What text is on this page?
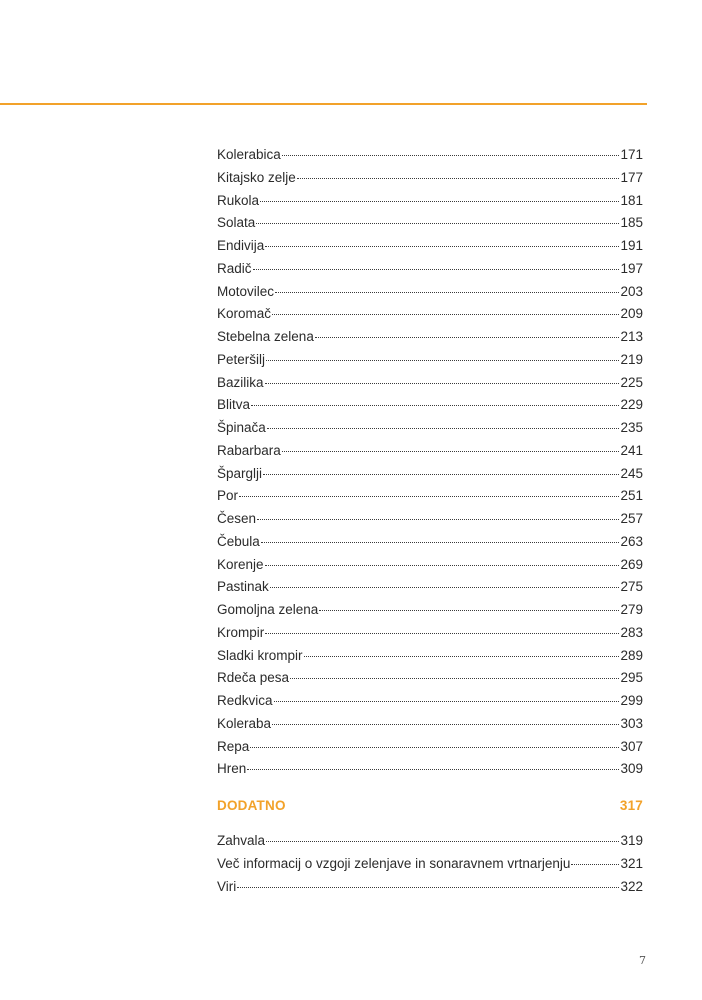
Kolerabica	171
Kitajsko zelje	177
Rukola	181
Solata	185
Endivija	191
Radič	197
Motovilec	203
Koromač	209
Stebelna zelena	213
Peteršilj	219
Bazilika	225
Blitva	229
Špinača	235
Rabarbara	241
Špargljі	245
Por	251
Česen	257
Čebula	263
Korenje	269
Pastinak	275
Gomoljna zelena	279
Krompir	283
Sladki krompir	289
Rdeča pesa	295
Redkvica	299
Koleraba	303
Repa	307
Hren	309
DODATNO	317
Zahvala	319
Več informacij o vzgoji zelenjave in sonaravnem vrtnarjenju	321
Viri	322
7
